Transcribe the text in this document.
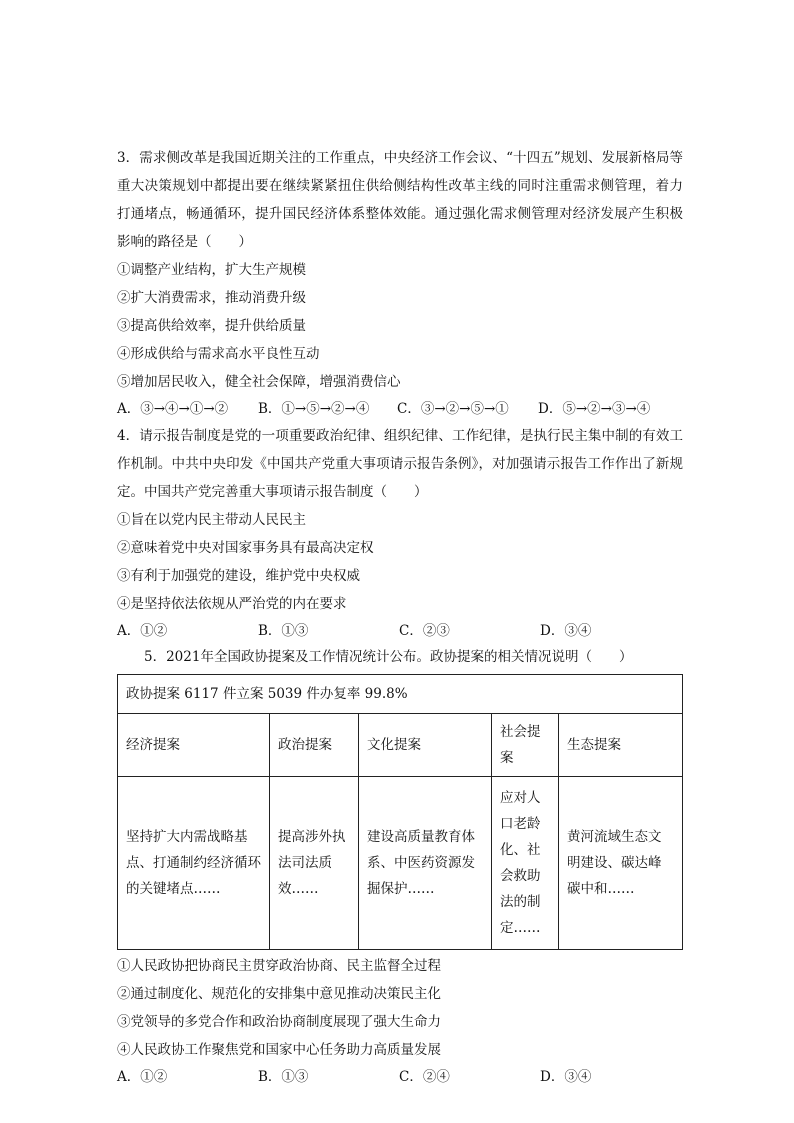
3．需求侧改革是我国近期关注的工作重点，中央经济工作会议、“十四五”规划、发展新格局等重大决策规划中都提出要在继续紧紧扭住供给侧结构性改革主线的同时注重需求侧管理，着力打通堵点，畅通循环，提升国民经济体系整体效能。通过强化需求侧管理对经济发展产生积极影响的路径是（　　）

①调整产业结构，扩大生产规模

②扩大消费需求，推动消费升级

③提高供给效率，提升供给质量

④形成供给与需求高水平良性互动

⑤增加居民收入，健全社会保障，增强消费信心

A．③→④→①→②	B．①→⑤→②→④	C．③→②→⑤→①	D．⑤→②→③→④

4．请示报告制度是党的一项重要政治纪律、组织纪律、工作纪律，是执行民主集中制的有效工作机制。中共中央印发《中国共产党重大事项请示报告条例》，对加强请示报告工作作出了新规定。中国共产党完善重大事项请示报告制度（　　）

①旨在以党内民主带动人民民主

②意味着党中央对国家事务具有最高决定权

③有利于加强党的建设，维护党中央权威

④是坚持依法依规从严治党的内在要求

A．①②	B．①③	C．②③	D．③④

5．2021年全国政协提案及工作情况统计公布。政协提案的相关情况说明（　　）

政协提案 6117 件立案 5039 件办复率 99.8%				
经济提案	政治提案	文化提案	社会提案	生态提案
坚持扩大内需战略基点、打通制约经济循环的关键堵点……	提高涉外执法司法质效……	建设高质量教育体系、中医药资源发掘保护……	应对人口老龄化、社会救助法的制定……	黄河流域生态文明建设、碳达峰碳中和……

①人民政协把协商民主贯穿政治协商、民主监督全过程

②通过制度化、规范化的安排集中意见推动决策民主化

③党领导的多党合作和政治协商制度展现了强大生命力

④人民政协工作聚焦党和国家中心任务助力高质量发展

A．①②	B．①③	C．②④	D．③④
